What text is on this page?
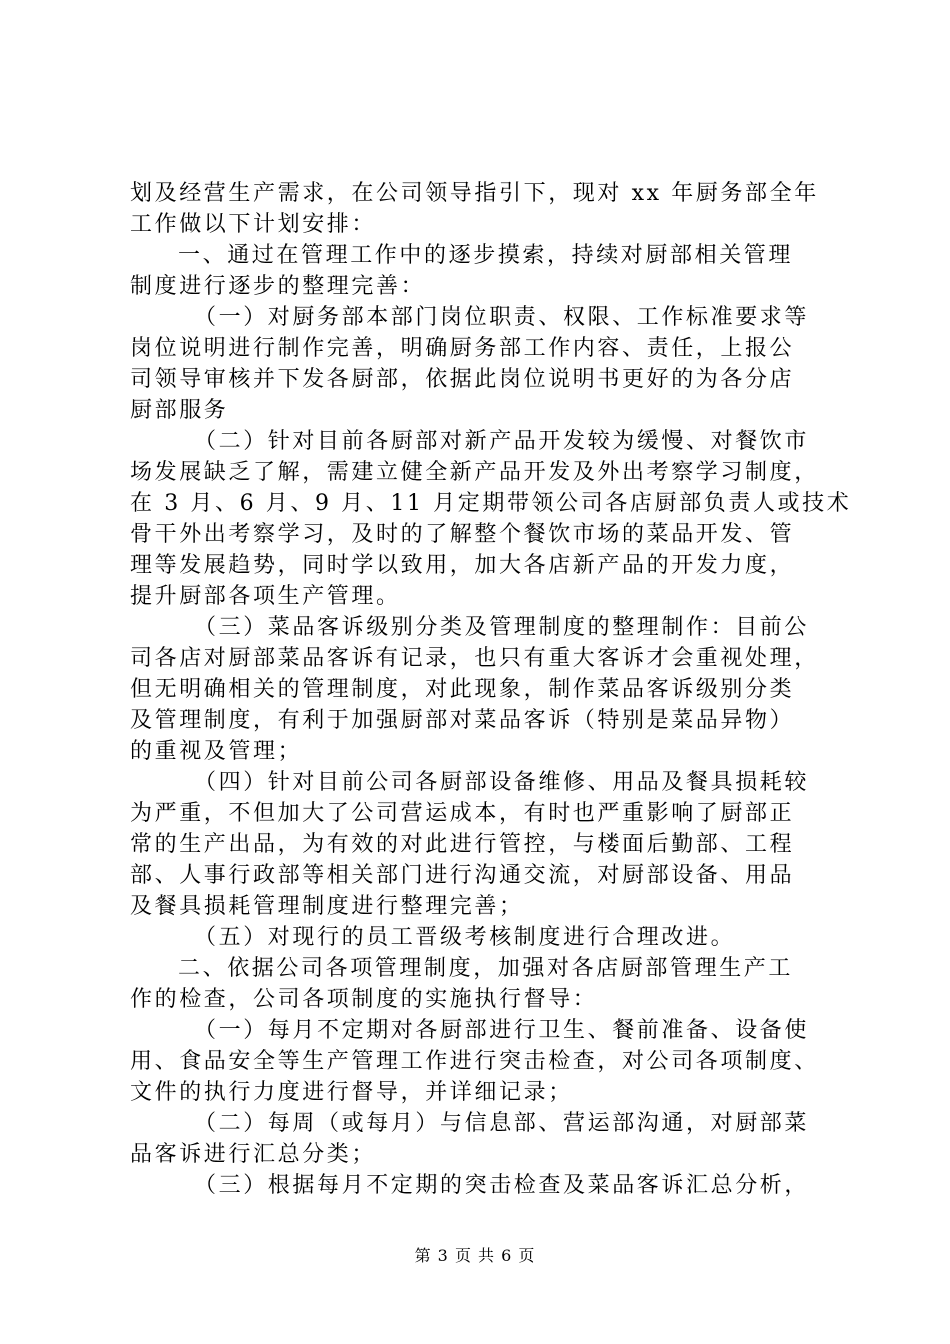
划及经营生产需求，在公司领导指引下，现对 xx 年厨务部全年
工作做以下计划安排：
一、通过在管理工作中的逐步摸索，持续对厨部相关管理
制度进行逐步的整理完善：
（一）对厨务部本部门岗位职责、权限、工作标准要求等
岗位说明进行制作完善，明确厨务部工作内容、责任，上报公
司领导审核并下发各厨部，依据此岗位说明书更好的为各分店
厨部服务
（二）针对目前各厨部对新产品开发较为缓慢、对餐饮市
场发展缺乏了解，需建立健全新产品开发及外出考察学习制度，
在 3 月、6 月、9 月、11 月定期带领公司各店厨部负责人或技术
骨干外出考察学习，及时的了解整个餐饮市场的菜品开发、管
理等发展趋势，同时学以致用，加大各店新产品的开发力度，
提升厨部各项生产管理。
（三）菜品客诉级别分类及管理制度的整理制作：目前公
司各店对厨部菜品客诉有记录，也只有重大客诉才会重视处理，
但无明确相关的管理制度，对此现象，制作菜品客诉级别分类
及管理制度，有利于加强厨部对菜品客诉（特别是菜品异物）
的重视及管理；
（四）针对目前公司各厨部设备维修、用品及餐具损耗较
为严重，不但加大了公司营运成本，有时也严重影响了厨部正
常的生产出品，为有效的对此进行管控，与楼面后勤部、工程
部、人事行政部等相关部门进行沟通交流，对厨部设备、用品
及餐具损耗管理制度进行整理完善；
（五）对现行的员工晋级考核制度进行合理改进。
二、依据公司各项管理制度，加强对各店厨部管理生产工
作的检查，公司各项制度的实施执行督导：
（一）每月不定期对各厨部进行卫生、餐前准备、设备使
用、食品安全等生产管理工作进行突击检查，对公司各项制度、
文件的执行力度进行督导，并详细记录；
（二）每周（或每月）与信息部、营运部沟通，对厨部菜
品客诉进行汇总分类；
（三）根据每月不定期的突击检查及菜品客诉汇总分析，
第 3 页 共 6 页
